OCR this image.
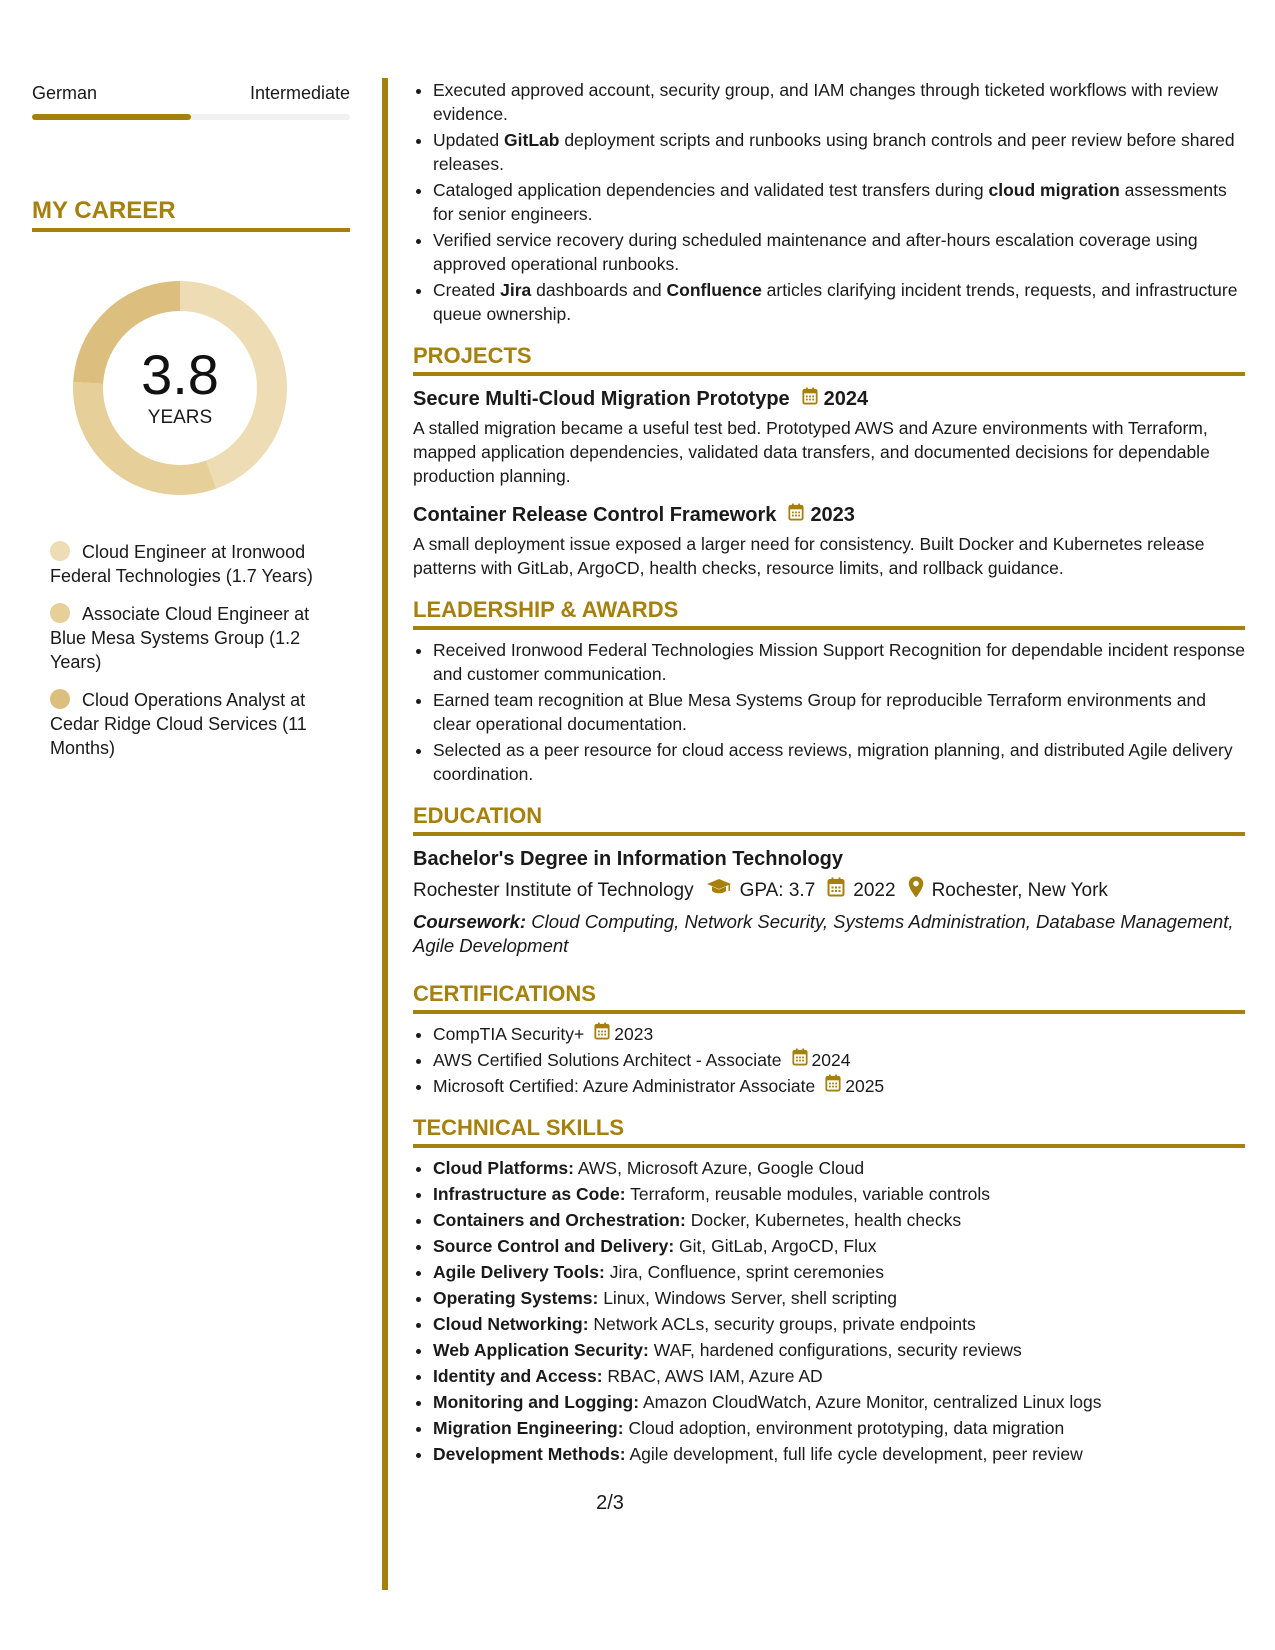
German	Intermediate
MY CAREER
3.8
YEARS
Cloud Engineer at Ironwood Federal Technologies (1.7 Years)
Associate Cloud Engineer at Blue Mesa Systems Group (1.2 Years)
Cloud Operations Analyst at Cedar Ridge Cloud Services (11 Months)
• Executed approved account, security group, and IAM changes through ticketed workflows with review evidence.
• Updated GitLab deployment scripts and runbooks using branch controls and peer review before shared releases.
• Cataloged application dependencies and validated test transfers during cloud migration assessments for senior engineers.
• Verified service recovery during scheduled maintenance and after-hours escalation coverage using approved operational runbooks.
• Created Jira dashboards and Confluence articles clarifying incident trends, requests, and infrastructure queue ownership.
PROJECTS
Secure Multi-Cloud Migration Prototype 2024
A stalled migration became a useful test bed. Prototyped AWS and Azure environments with Terraform, mapped application dependencies, validated data transfers, and documented decisions for dependable production planning.
Container Release Control Framework 2023
A small deployment issue exposed a larger need for consistency. Built Docker and Kubernetes release patterns with GitLab, ArgoCD, health checks, resource limits, and rollback guidance.
LEADERSHIP & AWARDS
• Received Ironwood Federal Technologies Mission Support Recognition for dependable incident response and customer communication.
• Earned team recognition at Blue Mesa Systems Group for reproducible Terraform environments and clear operational documentation.
• Selected as a peer resource for cloud access reviews, migration planning, and distributed Agile delivery coordination.
EDUCATION
Bachelor's Degree in Information Technology
Rochester Institute of Technology GPA: 3.7 2022 Rochester, New York
Coursework: Cloud Computing, Network Security, Systems Administration, Database Management, Agile Development
CERTIFICATIONS
• CompTIA Security+ 2023
• AWS Certified Solutions Architect - Associate 2024
• Microsoft Certified: Azure Administrator Associate 2025
TECHNICAL SKILLS
• Cloud Platforms: AWS, Microsoft Azure, Google Cloud
• Infrastructure as Code: Terraform, reusable modules, variable controls
• Containers and Orchestration: Docker, Kubernetes, health checks
• Source Control and Delivery: Git, GitLab, ArgoCD, Flux
• Agile Delivery Tools: Jira, Confluence, sprint ceremonies
• Operating Systems: Linux, Windows Server, shell scripting
• Cloud Networking: Network ACLs, security groups, private endpoints
• Web Application Security: WAF, hardened configurations, security reviews
• Identity and Access: RBAC, AWS IAM, Azure AD
• Monitoring and Logging: Amazon CloudWatch, Azure Monitor, centralized Linux logs
• Migration Engineering: Cloud adoption, environment prototyping, data migration
• Development Methods: Agile development, full life cycle development, peer review
2/3
